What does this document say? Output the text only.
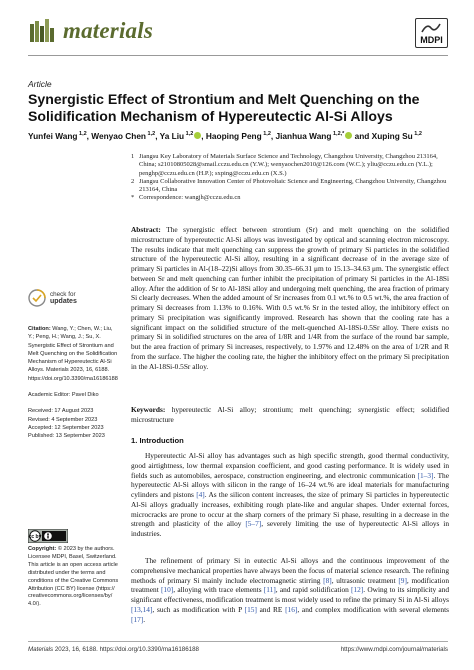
materials	MDPI
Article
Synergistic Effect of Strontium and Melt Quenching on the Solidification Mechanism of Hypereutectic Al-Si Alloys
Yunfei Wang $^{1,2}$, Wenyao Chen $^{1,2}$, Ya Liu $^{1,2}$ , Haoping Peng $^{1,2}$, Jianhua Wang $^{1,2,*}$ and Xuping Su $^{1,2}$
1 Jiangsu Key Laboratory of Materials Surface Science and Technology, Changzhou University, Changzhou 213164, China; s21010805028@smail.cczu.edu.cn (Y.W.); wenyaochen2010@126.com (W.C.); yliu@cczu.edu.cn (Y.L.); penghp@cczu.edu.cn (H.P.); sxping@cczu.edu.cn (X.S.)
2 Jiangsu Collaborative Innovation Center of Photovoltaic Science and Engineering, Changzhou University, Changzhou 213164, China
* Correspondence: wangjh@cczu.edu.cn
Abstract: The synergistic effect between strontium (Sr) and melt quenching on the solidified microstructure of hypereutectic Al-Si alloys was investigated by optical and scanning electron microscopy. The results indicate that melt quenching can suppress the growth of primary Si particles in the solidified structure of the hypereutectic Al-Si alloy, resulting in a significant decrease of in the average size of primary Si particles in Al-(18–22)Si alloys from 30.35–66.31 μm to 15.13–34.63 μm. The synergistic effect between Sr and melt quenching can further inhibit the precipitation of primary Si particles in the Al-18Si alloy. After the addition of Sr to Al-18Si alloy and undergoing melt quenching, the area fraction of primary Si clearly decreases. When the added amount of Sr increases from 0.1 wt.% to 0.5 wt.%, the area fraction of primary Si decreases from 1.13% to 0.16%. With 0.5 wt.% Sr in the tested alloy, the inhibitory effect on primary Si precipitation was significantly improved. Research has shown that the cooling rate has a significant impact on the solidified structure of the melt-quenched Al-18Si-0.5Sr alloy. There exists no primary Si in solidified structures on the area of 1/8R and 1/4R from the surface of the round bar sample, but the area fraction of primary Si increases, respectively, to 1.97% and 12.48% on the area of 1/2R and R from the surface. The higher the cooling rate, the higher the inhibitory effect on the primary Si precipitation in the Al-18Si-0.5Sr alloy.
Keywords: hypereutectic Al-Si alloy; strontium; melt quenching; synergistic effect; solidified microstructure
check for
updates

Citation: Wang, Y.; Chen, W.; Liu, Y.; Peng, H.; Wang, J.; Su, X. Synergistic Effect of Strontium and Melt Quenching on the Solidification Mechanism of Hypereutectic Al-Si Alloys. Materials 2023, 16, 6188. https://doi.org/10.3390/ma16186188

Academic Editor: Pavel Diko

Received: 17 August 2023
Revised: 4 September 2023
Accepted: 12 September 2023
Published: 13 September 2023
cc by
Copyright: © 2023 by the authors. Licensee MDPI, Basel, Switzerland. This article is an open access article distributed under the terms and conditions of the Creative Commons Attribution (CC BY) license (https:// creativecommons.org/licenses/by/ 4.0/).
1. Introduction
Hypereutectic Al-Si alloy has advantages such as high specific strength, good thermal conductivity, good airtightness, low thermal expansion coefficient, and good casting performance. It is widely used in fields such as automobiles, aerospace, construction engineering, and electronic communication [1–3]. The hypereutectic Al-Si alloys with silicon in the range of 16–24 wt.% are ideal materials for manufacturing cylinders and pistons [4]. As the silicon content increases, the size of primary Si particles in hypereutectic Al-Si alloys gradually increases, exhibiting rough plate-like and angular shapes. Under external forces, microcracks are prone to occur at the sharp corners of the primary Si phase, resulting in a decrease in the strength and plasticity of the alloy [5–7], severely limiting the use of hypereutectic Al-Si alloys in industries.
The refinement of primary Si in eutectic Al-Si alloys and the continuous improvement of the comprehensive mechanical properties have always been the focus of material science research. The refining methods of primary Si mainly include electromagnetic stirring [8], ultrasonic treatment [9], modification treatment [10], alloying with trace elements [11], and rapid solidification [12]. Owing to its simplicity and significant effectiveness, modification treatment is most widely used to refine the primary Si in Al-Si alloys [13,14], such as modification with P [15] and RE [16], and complex modification with several elements [17].
Materials 2023, 16, 6188. https://doi.org/10.3390/ma16186188	https://www.mdpi.com/journal/materials
